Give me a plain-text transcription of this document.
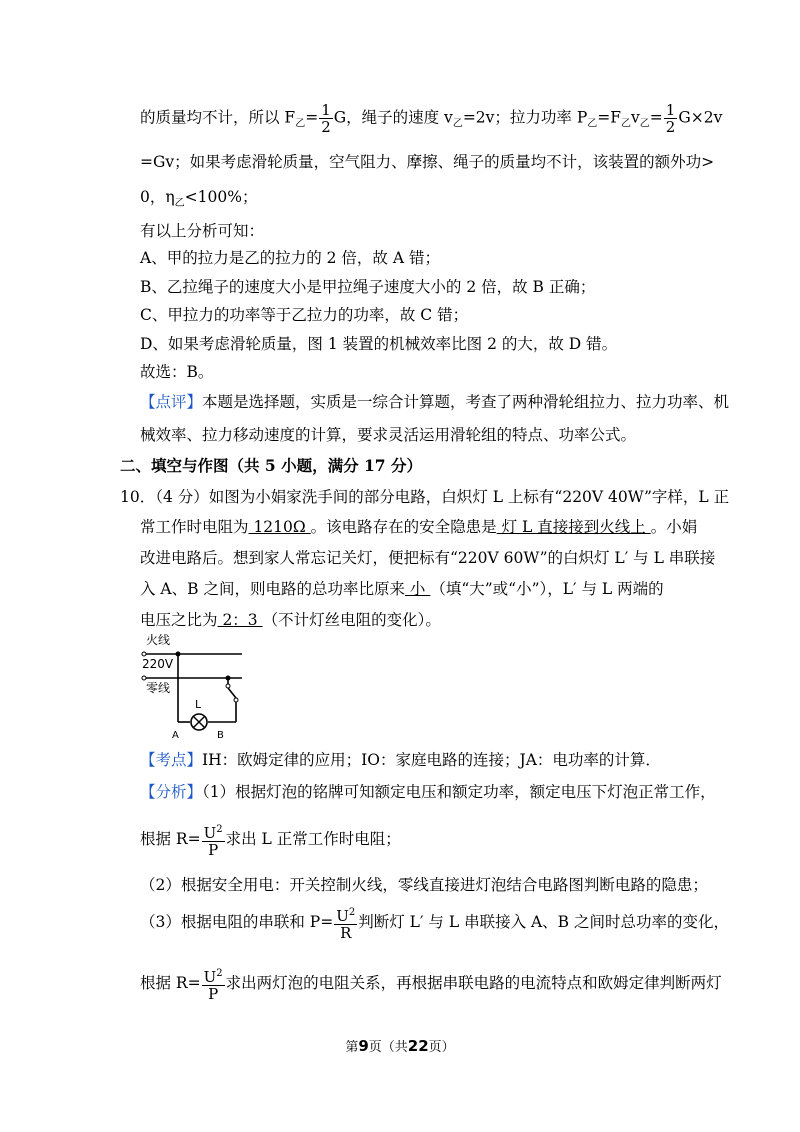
的质量均不计，所以 $F_乙= \frac{1}{2}$ G，绳子的速度 $v_乙=2v$；拉力功率 $P_乙=F_乙v_乙= \frac{1}{2} G\times 2v$
=Gv；如果考虑滑轮质量，空气阻力、摩擦、绳子的质量均不计，该装置的额外功>
0，$\eta_乙<100\%$；
有以上分析可知：
A、甲的拉力是乙的拉力的 2 倍，故 A 错；
B、乙拉绳子的速度大小是甲拉绳子速度大小的 2 倍，故 B 正确；
C、甲拉力的功率等于乙拉力的功率，故 C 错；
D、如果考虑滑轮质量，图 1 装置的机械效率比图 2 的大，故 D 错。
故选：B。
【点评】本题是选择题，实质是一综合计算题，考查了两种滑轮组拉力、拉力功率、机
械效率、拉力移动速度的计算，要求灵活运用滑轮组的特点、功率公式。
二、填空与作图（共 5 小题，满分 17 分）
10．（4 分）如图为小娟家洗手间的部分电路，白炽灯 L 上标有“220V 40W”字样，L 正
常工作时电阻为 1210Ω 。该电路存在的安全隐患是 灯 L 直接接到火线上 。小娟
改进电路后。想到家人常忘记关灯，便把标有“220V 60W”的白炽灯 L′ 与 L 串联接
入 A、B 之间，则电路的总功率比原来 小 （填“大”或“小”），L′ 与 L 两端的
电压之比为 2：3 （不计灯丝电阻的变化）。
火线
220V
零线
L
A	B
【考点】IH：欧姆定律的应用；IO：家庭电路的连接；JA：电功率的计算．
【分析】（1）根据灯泡的铭牌可知额定电压和额定功率，额定电压下灯泡正常工作，
根据 $R= \frac{U^2}{P}$ 求出 L 正常工作时电阻；
（2）根据安全用电：开关控制火线，零线直接进灯泡结合电路图判断电路的隐患；
（3）根据电阻的串联和 $P= \frac{U^2}{R}$ 判断灯 L′ 与 L 串联接入 A、B 之间时总功率的变化，
根据 $R= \frac{U^2}{P}$ 求出两灯泡的电阻关系，再根据串联电路的电流特点和欧姆定律判断两灯
第9页（共22页）
